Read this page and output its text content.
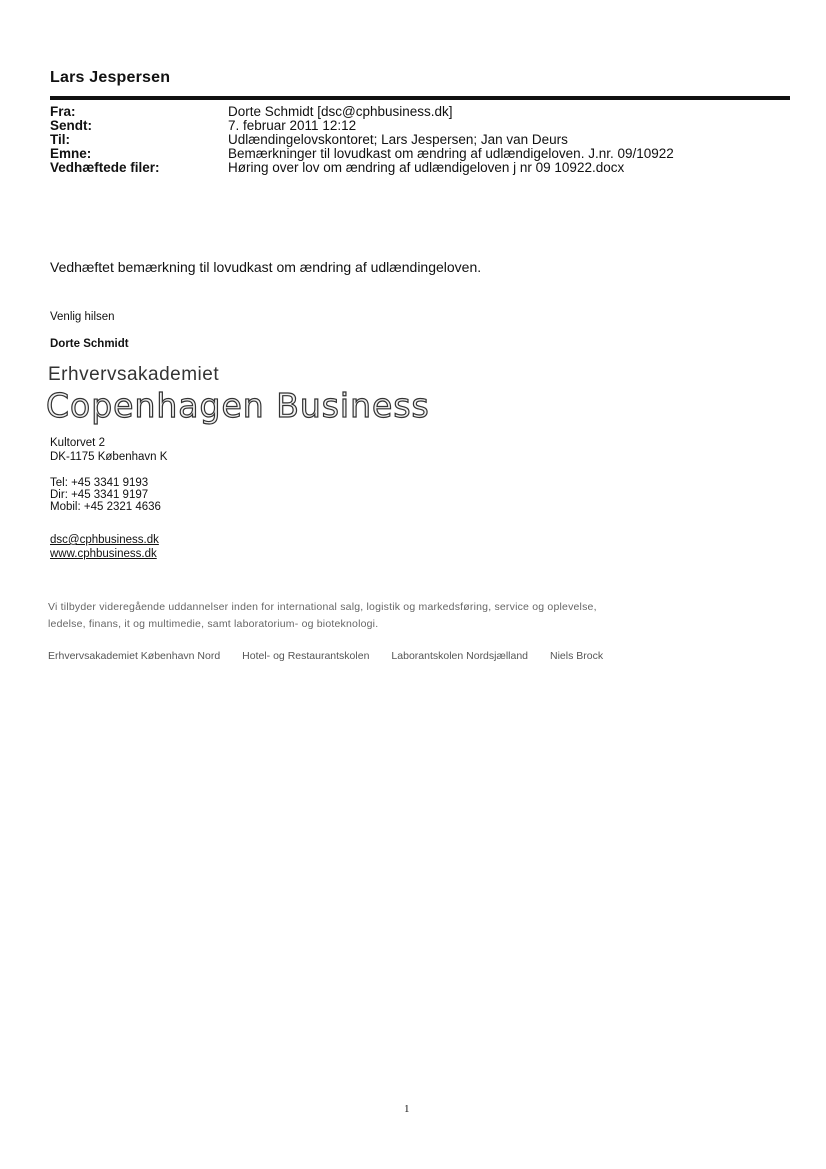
Lars Jespersen
Fra:	Dorte Schmidt [dsc@cphbusiness.dk]
Sendt:	7. februar 2011 12:12
Til:	Udlændingelovskontoret; Lars Jespersen; Jan van Deurs
Emne:	Bemærkninger til lovudkast om ændring af udlændigeloven. J.nr. 09/10922
Vedhæftede filer:	Høring over lov om ændring af udlændigeloven j nr 09 10922.docx
Vedhæftet bemærkning til lovudkast om ændring af udlændingeloven.
Venlig hilsen
Dorte Schmidt
Erhvervsakademiet
Copenhagen Business
Kultorvet 2
DK-1175 København K
Tel: +45 3341 9193
Dir: +45 3341 9197
Mobil: +45 2321 4636
dsc@cphbusiness.dk
www.cphbusiness.dk
Vi tilbyder videregående uddannelser inden for international salg, logistik og markedsføring, service og oplevelse,
ledelse, finans, it og multimedie, samt laboratorium- og bioteknologi.
Erhvervsakademiet København Nord Hotel- og Restaurantskolen Laborantskolen Nordsjælland Niels Brock
1
